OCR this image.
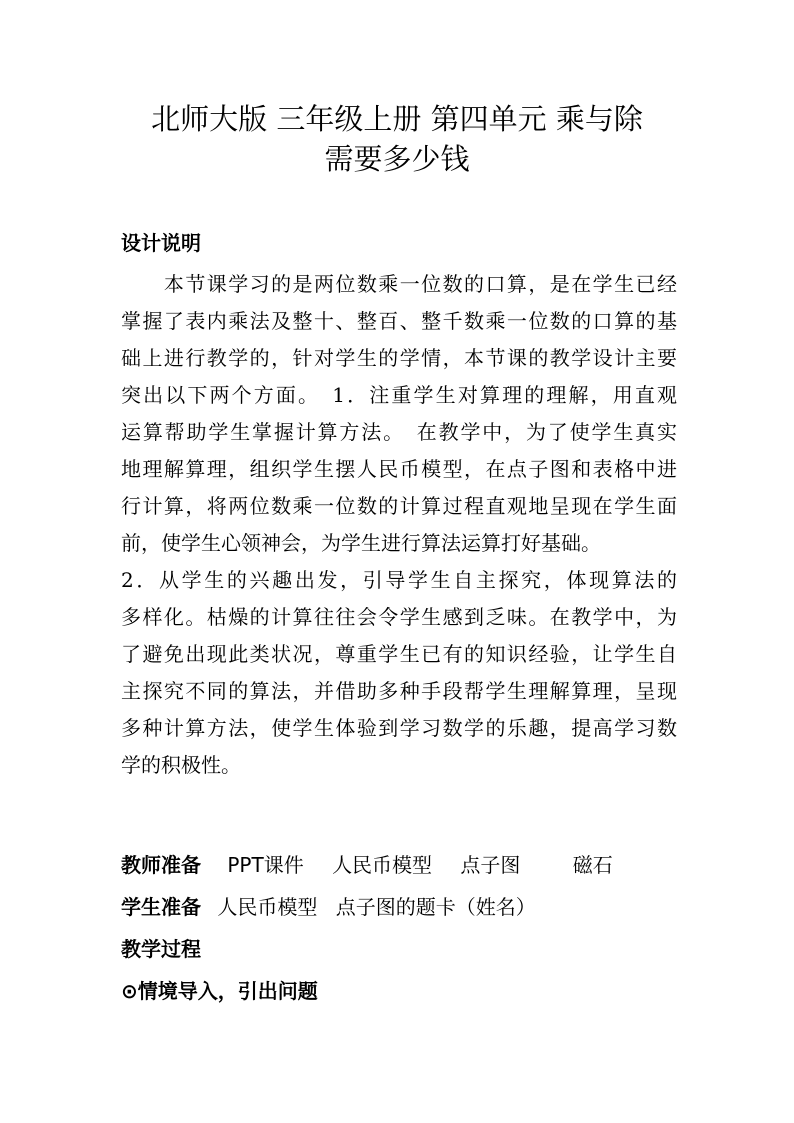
北师大版 三年级上册 第四单元 乘与除
需要多少钱
设计说明
　　本节课学习的是两位数乘一位数的口算，是在学生已经
掌握了表内乘法及整十、整百、整千数乘一位数的口算的基
础上进行教学的，针对学生的学情，本节课的教学设计主要
突出以下两个方面。　1．注重学生对算理的理解，用直观
运算帮助学生掌握计算方法。　在教学中，为了使学生真实
地理解算理，组织学生摆人民币模型，在点子图和表格中进
行计算，将两位数乘一位数的计算过程直观地呈现在学生面
前，使学生心领神会，为学生进行算法运算打好基础。
2．从学生的兴趣出发，引导学生自主探究，体现算法的
多样化。枯燥的计算往往会令学生感到乏味。在教学中，为
了避免出现此类状况，尊重学生已有的知识经验，让学生自
主探究不同的算法，并借助多种手段帮学生理解算理，呈现
多种计算方法，使学生体验到学习数学的乐趣，提高学习数
学的积极性。
教师准备 PPT课件 人民币模型 点子图	磁石
学生准备 人民币模型 点子图的题卡（姓名）
教学过程
⊙情境导入，引出问题
